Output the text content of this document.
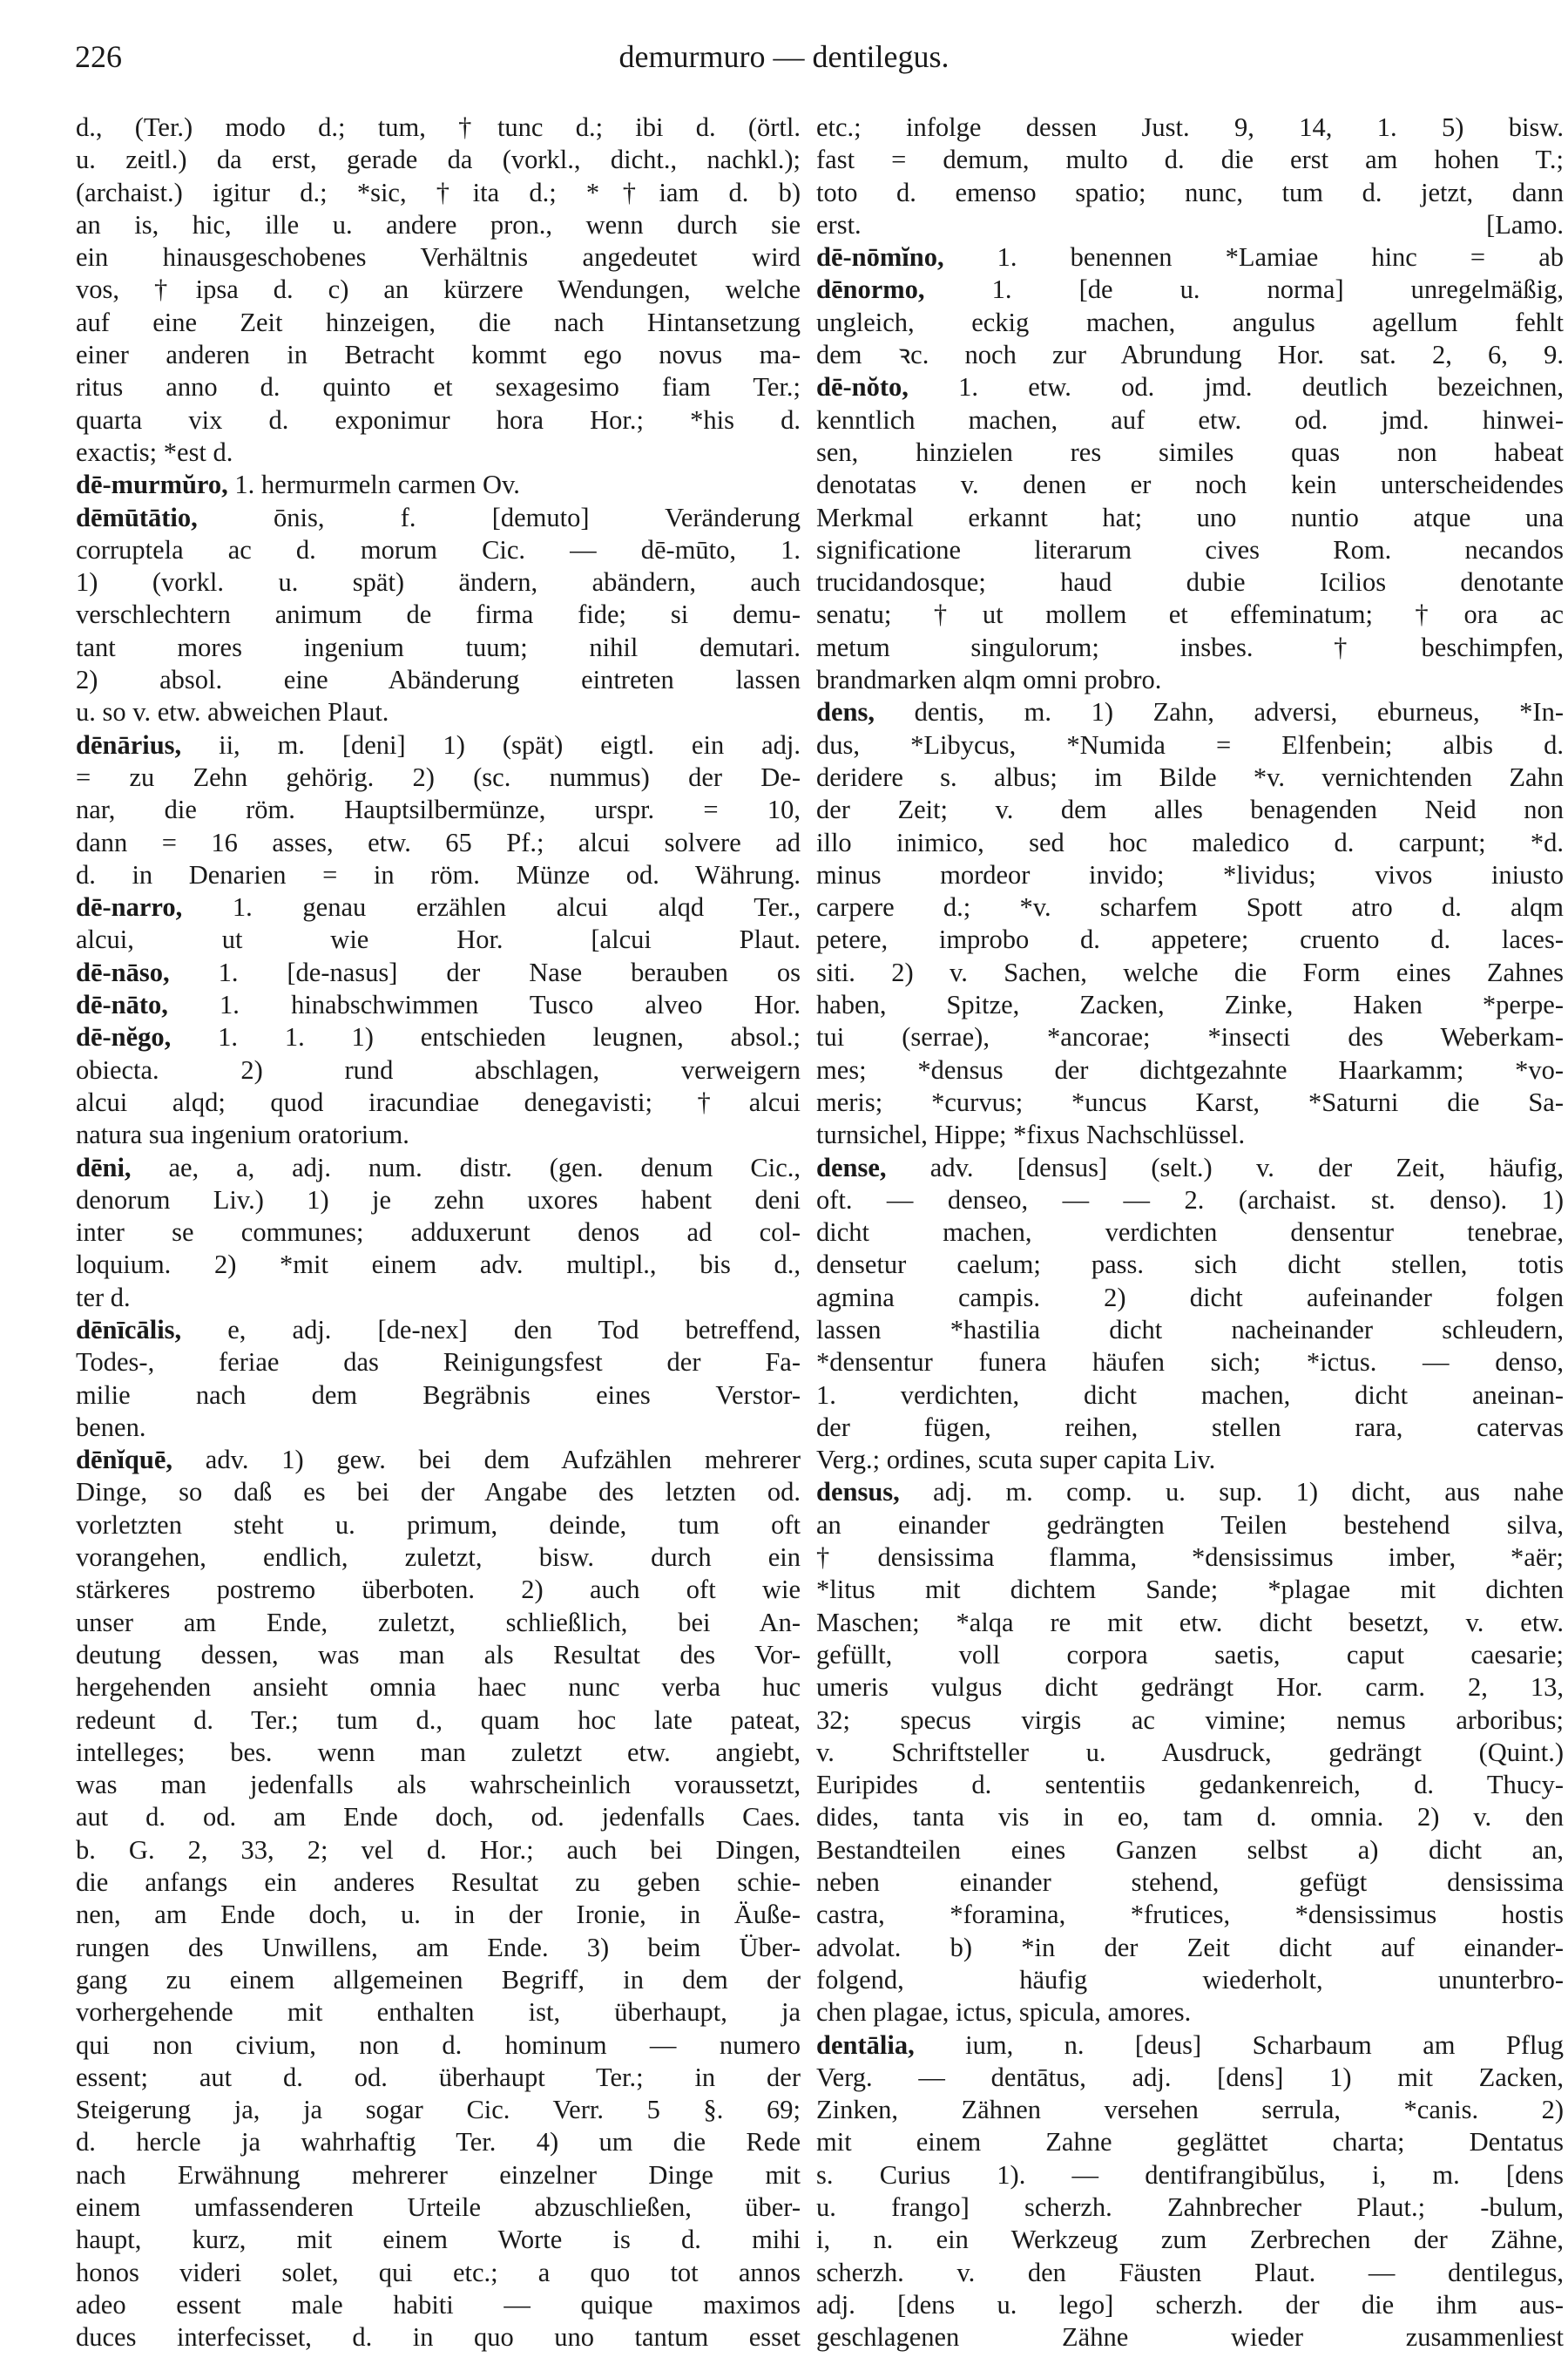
demurmuro — dentilegus.
226
d., (Ter.) modo d.; tum, †tunc d.; ibi d. (örtl.
u. zeitl.) da erst, gerade da (vorkl., dicht., nachkl.);
(archaist.) igitur d.; *sic, †ita d.; *†iam d. b)
an is, hic, ille u. andere pron., wenn durch sie
ein hinausgeschobenes Verhältnis angedeutet wird
vos, †ipsa d. c) an kürzere Wendungen, welche
auf eine Zeit hinzeigen, die nach Hintansetzung
einer anderen in Betracht kommt ego novus ma-
ritus anno d. quinto et sexagesimo fiam Ter.;
quarta vix d. exponimur hora Hor.; *his d.
exactis; *est d.
dē-murmŭro, 1. hermurmeln carmen Ov.
dēmūtātio, ōnis, f. [demuto] Veränderung
corruptela ac d. morum Cic. — dē-mūto, 1.
1) (vorkl. u. spät) ändern, abändern, auch
verschlechtern animum de firma fide; si demu-
tant mores ingenium tuum; nihil demutari.
2) absol. eine Abänderung eintreten lassen
u. so v. etw. abweichen Plaut.
dēnārius, ii, m. [deni] 1) (spät) eigtl. ein adj.
= zu Zehn gehörig. 2) (sc. nummus) der De-
nar, die röm. Hauptsilbermünze, urspr. = 10,
dann = 16 asses, etw. 65 Pf.; alcui solvere ad
d. in Denarien = in röm. Münze od. Währung.
dē-narro, 1. genau erzählen alcui alqd Ter.,
alcui, ut wie Hor. [alcui Plaut.
dē-nāso, 1. [de-nasus] der Nase berauben os
dē-nāto, 1. hinabschwimmen Tusco alveo Hor.
dē-nĕgo, 1. 1. 1) entschieden leugnen, absol.;
obiecta. 2) rund abschlagen, verweigern
alcui alqd; quod iracundiae denegavisti; †alcui
natura sua ingenium oratorium.
dēni, ae, a, adj. num. distr. (gen. denum Cic.,
denorum Liv.) 1) je zehn uxores habent deni
inter se communes; adduxerunt denos ad col-
loquium. 2) *mit einem adv. multipl., bis d.,
ter d.
dēnīcālis, e, adj. [de-nex] den Tod betreffend,
Todes-, feriae das Reinigungsfest der Fa-
milie nach dem Begräbnis eines Verstor-
benen.
dēnĭquē, adv. 1) gew. bei dem Aufzählen mehrerer
Dinge, so daß es bei der Angabe des letzten od.
vorletzten steht u. primum, deinde, tum oft
vorangehen, endlich, zuletzt, bisw. durch ein
stärkeres postremo überboten. 2) auch oft wie
unser am Ende, zuletzt, schließlich, bei An-
deutung dessen, was man als Resultat des Vor-
hergehenden ansieht omnia haec nunc verba huc
redeunt d. Ter.; tum d., quam hoc late pateat,
intelleges; bes. wenn man zuletzt etw. angiebt,
was man jedenfalls als wahrscheinlich voraussetzt,
aut d. od. am Ende doch, od. jedenfalls Caes.
b. G. 2, 33, 2; vel d. Hor.; auch bei Dingen,
die anfangs ein anderes Resultat zu geben schie-
nen, am Ende doch, u. in der Ironie, in Äuße-
rungen des Unwillens, am Ende. 3) beim Über-
gang zu einem allgemeinen Begriff, in dem der
vorhergehende mit enthalten ist, überhaupt, ja
qui non civium, non d. hominum — numero
essent; aut d. od. überhaupt Ter.; in der
Steigerung ja, ja sogar Cic. Verr. 5 §. 69;
d. hercle ja wahrhaftig Ter. 4) um die Rede
nach Erwähnung mehrerer einzelner Dinge mit
einem umfassenderen Urteile abzuschließen, über-
haupt, kurz, mit einem Worte is d. mihi
honos videri solet, qui etc.; a quo tot annos
adeo essent male habiti — quique maximos
duces interfecisset, d. in quo uno tantum esset
etc.; infolge dessen Just. 9, 14, 1. 5) bisw.
fast = demum, multo d. die erst am hohen T.;
toto d. emenso spatio; nunc, tum d. jetzt, dann
erst. [Lamo.
dē-nōmĭno, 1. benennen *Lamiae hinc = ab
dēnormo, 1. [de u. norma] unregelmäßig,
ungleich, eckig machen, angulus agellum fehlt
dem ꝛc. noch zur Abrundung Hor. sat. 2, 6, 9.
dē-nŏto, 1. etw. od. jmd. deutlich bezeichnen,
kenntlich machen, auf etw. od. jmd. hinwei-
sen, hinzielen res similes quas non habeat
denotatas v. denen er noch kein unterscheidendes
Merkmal erkannt hat; uno nuntio atque una
significatione literarum cives Rom. necandos
trucidandosque; haud dubie Icilios denotante
senatu; †ut mollem et effeminatum; †ora ac
metum singulorum; insbes. †beschimpfen,
brandmarken alqm omni probro.
dens, dentis, m. 1) Zahn, adversi, eburneus, *In-
dus, *Libycus, *Numida = Elfenbein; albis d.
deridere s. albus; im Bilde *v. vernichtenden Zahn
der Zeit; v. dem alles benagenden Neid non
illo inimico, sed hoc maledico d. carpunt; *d.
minus mordeor invido; *lividus; vivos iniusto
carpere d.; *v. scharfem Spott atro d. alqm
petere, improbo d. appetere; cruento d. laces-
siti. 2) v. Sachen, welche die Form eines Zahnes
haben, Spitze, Zacken, Zinke, Haken *perpe-
tui (serrae), *ancorae; *insecti des Weberkam-
mes; *densus der dichtgezahnte Haarkamm; *vo-
meris; *curvus; *uncus Karst, *Saturni die Sa-
turnsichel, Hippe; *fixus Nachschlüssel.
dense, adv. [densus] (selt.) v. der Zeit, häufig,
oft. — denseo, — — 2. (archaist. st. denso). 1)
dicht machen, verdichten densentur tenebrae,
densetur caelum; pass. sich dicht stellen, totis
agmina campis. 2) dicht aufeinander folgen
lassen *hastilia dicht nacheinander schleudern,
*densentur funera häufen sich; *ictus. — denso,
1. verdichten, dicht machen, dicht aneinan-
der fügen, reihen, stellen rara, catervas
Verg.; ordines, scuta super capita Liv.
densus, adj. m. comp. u. sup. 1) dicht, aus nahe
an einander gedrängten Teilen bestehend silva,
†densissima flamma, *densissimus imber, *aër;
*litus mit dichtem Sande; *plagae mit dichten
Maschen; *alqa re mit etw. dicht besetzt, v. etw.
gefüllt, voll corpora saetis, caput caesarie;
umeris vulgus dicht gedrängt Hor. carm. 2, 13,
32; specus virgis ac vimine; nemus arboribus;
v. Schriftsteller u. Ausdruck, gedrängt (Quint.)
Euripides d. sententiis gedankenreich, d. Thucy-
dides, tanta vis in eo, tam d. omnia. 2) v. den
Bestandteilen eines Ganzen selbst a) dicht an,
neben einander stehend, gefügt densissima
castra, *foramina, *frutices, *densissimus hostis
advolat. b) *in der Zeit dicht auf einander-
folgend, häufig wiederholt, ununterbro-
chen plagae, ictus, spicula, amores.
dentālia, ium, n. [deus] Scharbaum am Pflug
Verg. — dentātus, adj. [dens] 1) mit Zacken,
Zinken, Zähnen versehen serrula, *canis. 2)
mit einem Zahne geglättet charta; Dentatus
s. Curius 1). — dentifrangibŭlus, i, m. [dens
u. frango] scherzh. Zahnbrecher Plaut.; -bulum,
i, n. ein Werkzeug zum Zerbrechen der Zähne,
scherzh. v. den Fäusten Plaut. — dentilegus,
adj. [dens u. lego] scherzh. der die ihm aus-
geschlagenen Zähne wieder zusammenliest
